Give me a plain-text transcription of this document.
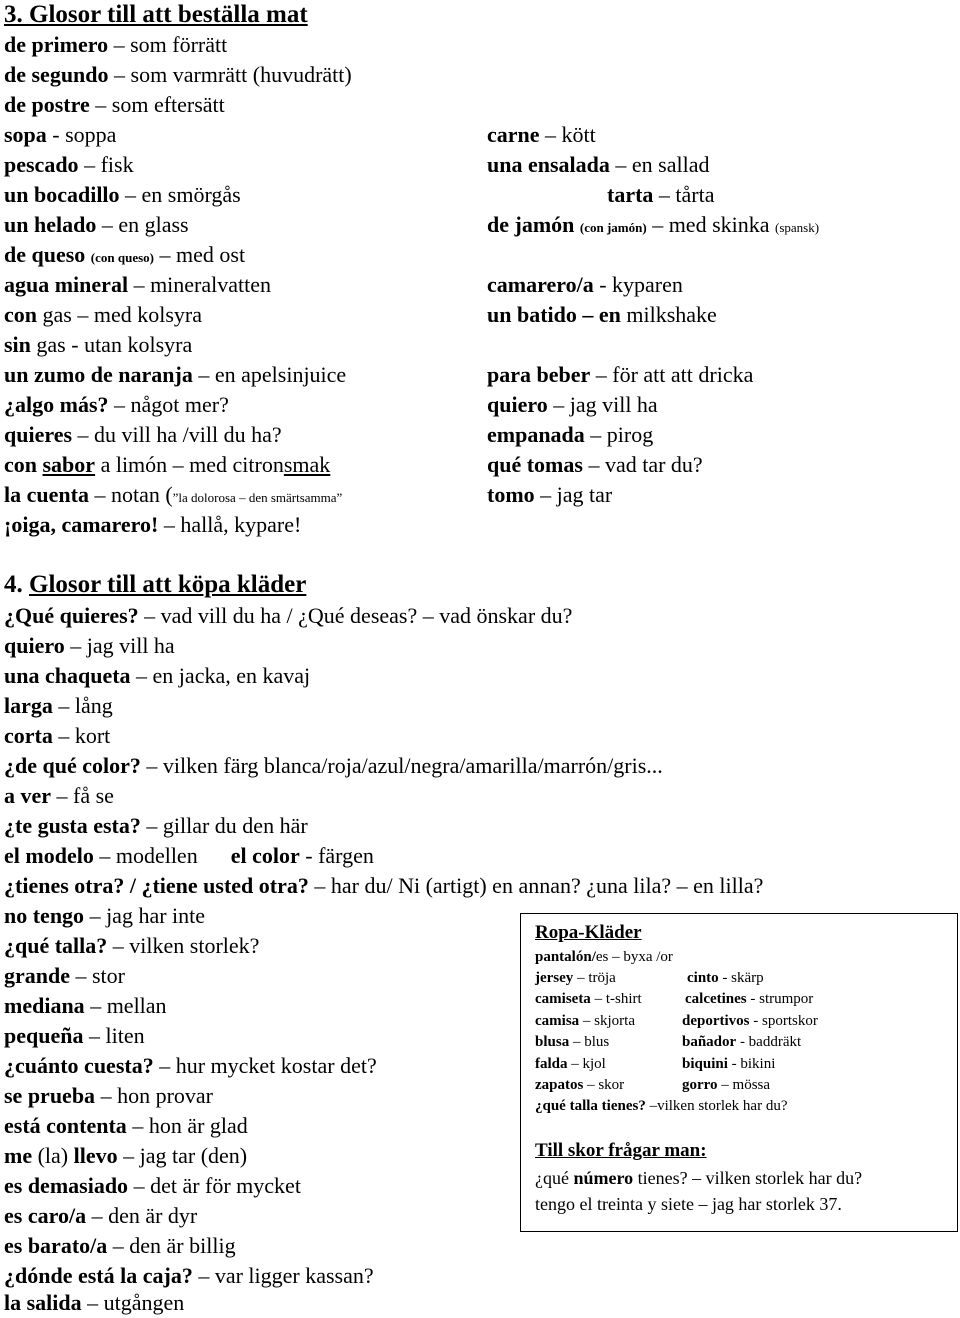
3. Glosor till att beställa mat
de primero – som förrätt
de segundo – som varmrätt (huvudrätt)
de postre – som eftersätt
sopa - soppa
pescado – fisk
un bocadillo – en smörgås
un helado – en glass
de queso (con queso) – med ost
agua mineral – mineralvatten
con gas – med kolsyra
sin gas - utan kolsyra
un zumo de naranja – en apelsinjuice
¿algo más? – något mer?
quieres – du vill ha /vill du ha?
con sabor a limón – med citronsmak
la cuenta – notan (”la dolorosa – den smärtsamma”
¡oiga, camarero! – hallå, kypare!
carne – kött
una ensalada – en sallad
tarta – tårta
de jamón (con jamón) – med skinka (spansk)
camarero/a - kyparen
un batido – en milkshake
para beber – för att att dricka
quiero – jag vill ha
empanada – pirog
qué tomas – vad tar du?
tomo – jag tar
4. Glosor till att köpa kläder
¿Qué quieres? – vad vill du ha / ¿Qué deseas? – vad önskar du?
quiero – jag vill ha
una chaqueta – en jacka, en kavaj
larga – lång
corta – kort
¿de qué color? – vilken färg blanca/roja/azul/negra/amarilla/marrón/gris...
a ver – få se
¿te gusta esta? – gillar du den här
el modelo – modellen el color - färgen
¿tienes otra? / ¿tiene usted otra? – har du/ Ni (artigt) en annan? ¿una lila? – en lilla?
no tengo – jag har inte
¿qué talla? – vilken storlek?
grande – stor
mediana – mellan
pequeña – liten
¿cuánto cuesta? – hur mycket kostar det?
se prueba – hon provar
está contenta – hon är glad
me (la) llevo – jag tar (den)
es demasiado – det är för mycket
es caro/a – den är dyr
es barato/a – den är billig
¿dónde está la caja? – var ligger kassan?
la salida – utgången
Ropa-Kläder
pantalón/es – byxa /or
jersey – tröja	cinto - skärp
camiseta – t-shirt	calcetines - strumpor
camisa – skjorta	deportivos - sportskor
blusa – blus	bañador - baddräkt
falda – kjol	biquini - bikini
zapatos – skor	gorro – mössa
¿qué talla tienes? –vilken storlek har du?
Till skor frågar man:
¿qué número tienes? – vilken storlek har du?
tengo el treinta y siete – jag har storlek 37.
